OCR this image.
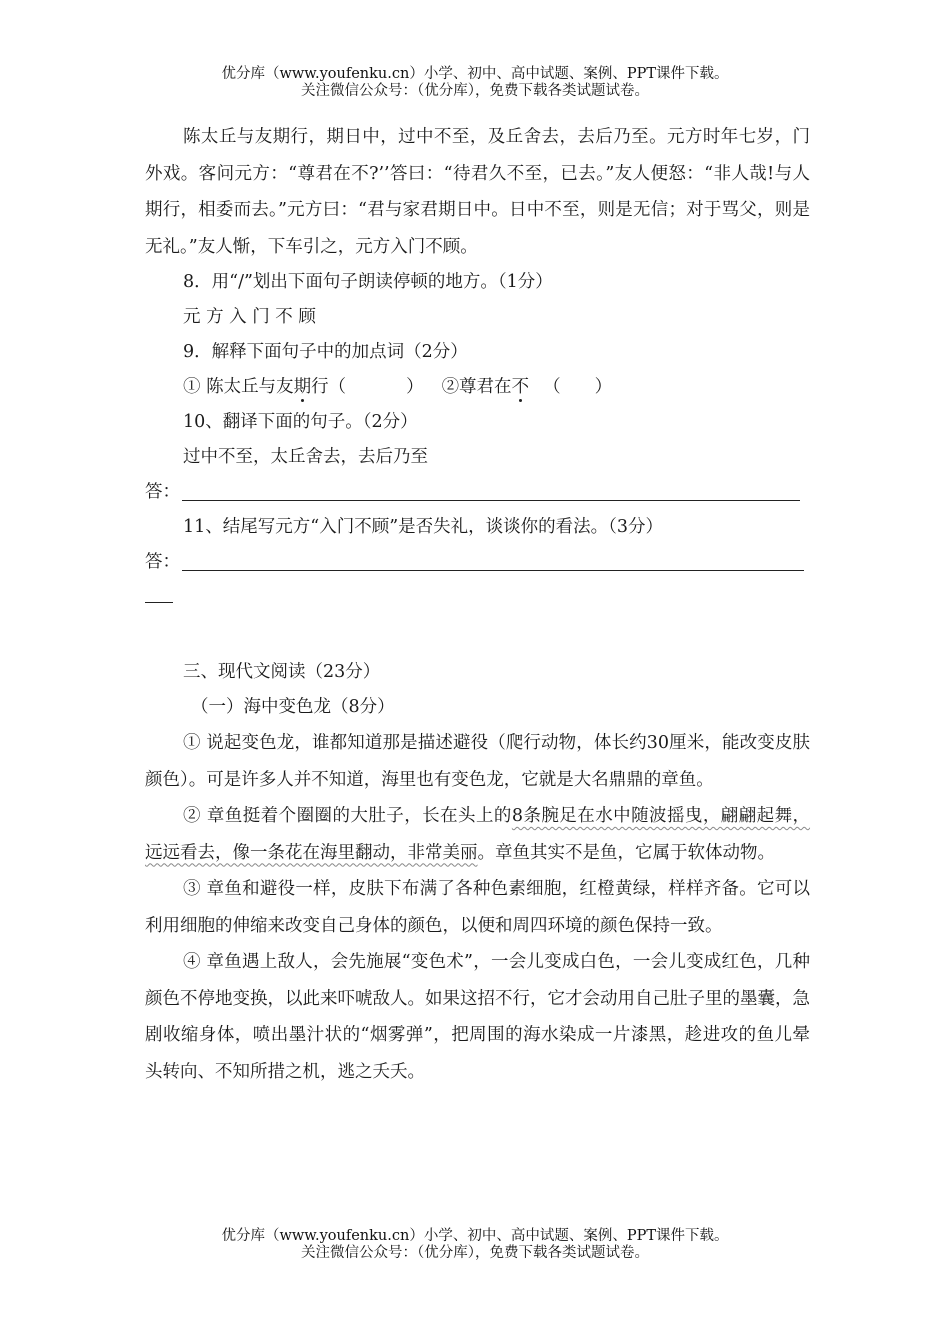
优分库（www.youfenku.cn）小学、初中、高中试题、案例、PPT课件下载。
关注微信公众号：（优分库），免费下载各类试题试卷。

陈太丘与友期行，期日中，过中不至，及丘舍去，去后乃至。元方时年七岁，门外戏。客问元方：“尊君在不?’’答曰：“待君久不至，已去。”友人便怒：“非人哉!与人期行，相委而去。”元方曰：“君与家君期日中。日中不至，则是无信；对于骂父，则是无礼。”友人惭，下车引之，元方入门不顾。

8．用“/”划出下面句子朗读停顿的地方。（1分）

元 方 入 门 不 顾

9．解释下面句子中的加点词（2分）

① 陈太丘与友期行（	） ②尊君在不 （ ）

10、翻译下面的句子。（2分）

过中不至，太丘舍去，去后乃至

答：

11、结尾写元方“入门不顾”是否失礼，谈谈你的看法。（3分）

答：

三、现代文阅读（23分）

（一）海中变色龙（8分）

① 说起变色龙，谁都知道那是描述避役（爬行动物，体长约30厘米，能改变皮肤颜色）。可是许多人并不知道，海里也有变色龙，它就是大名鼎鼎的章鱼。

② 章鱼挺着个圈圈的大肚子，长在头上的8条腕足在水中随波摇曳，翩翩起舞，远远看去，像一条花在海里翻动，非常美丽。章鱼其实不是鱼，它属于软体动物。

③ 章鱼和避役一样，皮肤下布满了各种色素细胞，红橙黄绿，样样齐备。它可以利用细胞的伸缩来改变自己身体的颜色，以便和周四环境的颜色保持一致。

④ 章鱼遇上敌人，会先施展“变色术”，一会儿变成白色，一会儿变成红色，几种颜色不停地变换，以此来吓唬敌人。如果这招不行，它才会动用自己肚子里的墨囊，急剧收缩身体，喷出墨汁状的“烟雾弹”，把周围的海水染成一片漆黑，趁进攻的鱼儿晕头转向、不知所措之机，逃之夭夭。

优分库（www.youfenku.cn）小学、初中、高中试题、案例、PPT课件下载。
关注微信公众号：（优分库），免费下载各类试题试卷。
